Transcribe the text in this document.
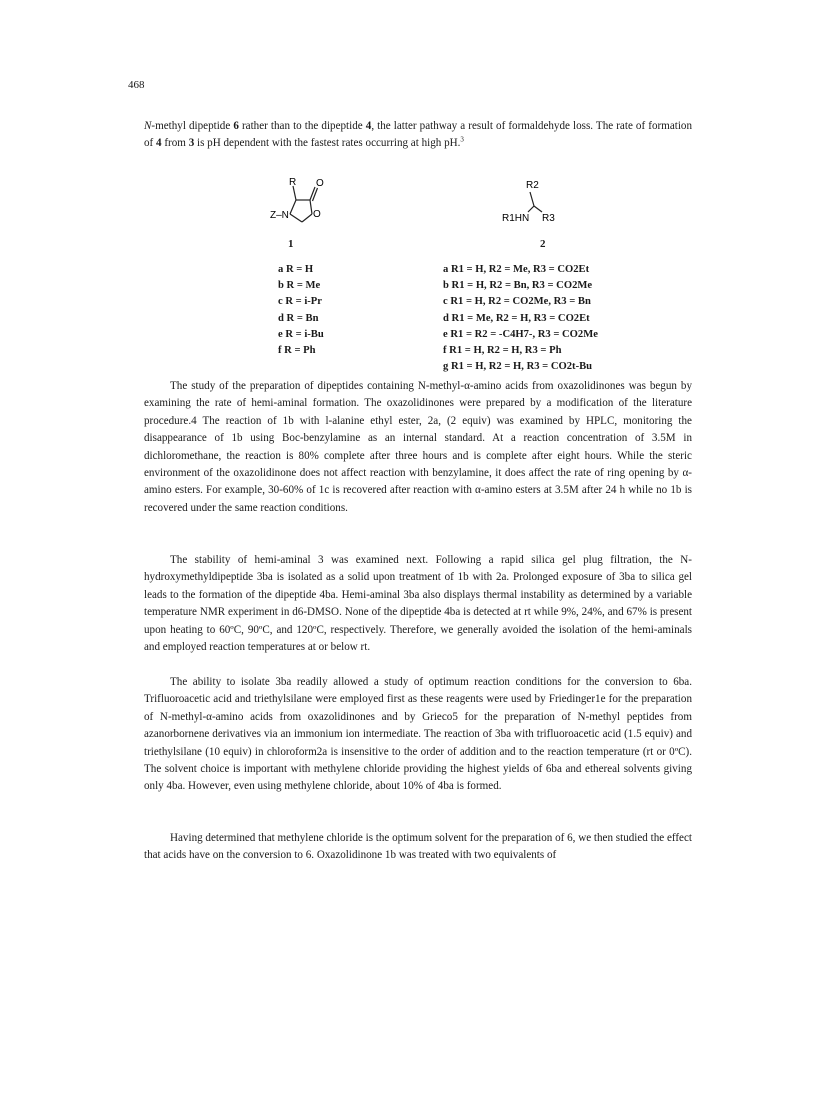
468

N-methyl dipeptide 6 rather than to the dipeptide 4, the latter pathway a result of formaldehyde loss. The rate of formation of 4 from 3 is pH dependent with the fastest rates occurring at high pH.$^3$

R O
Z–N O
1
R2
R1HN R3
2
a R = H
b R = Me
c R = i-Pr
d R = Bn
e R = i-Bu
f R = Ph
a R1 = H, R2 = Me, R3 = CO2Et
b R1 = H, R2 = Bn, R3 = CO2Me
c R1 = H, R2 = CO2Me, R3 = Bn
d R1 = Me, R2 = H, R3 = CO2Et
e R1 = R2 = -C4H7-, R3 = CO2Me
f R1 = H, R2 = H, R3 = Ph
g R1 = H, R2 = H, R3 = CO2t-Bu

The study of the preparation of dipeptides containing N-methyl-α-amino acids from oxazolidinones was begun by examining the rate of hemi-aminal formation. The oxazolidinones were prepared by a modification of the literature procedure.4 The reaction of 1b with l-alanine ethyl ester, 2a, (2 equiv) was examined by HPLC, monitoring the disappearance of 1b using Boc-benzylamine as an internal standard. At a reaction concentration of 3.5M in dichloromethane, the reaction is 80% complete after three hours and is complete after eight hours. While the steric environment of the oxazolidinone does not affect reaction with benzylamine, it does affect the rate of ring opening by α-amino esters. For example, 30-60% of 1c is recovered after reaction with α-amino esters at 3.5M after 24 h while no 1b is recovered under the same reaction conditions.

The stability of hemi-aminal 3 was examined next. Following a rapid silica gel plug filtration, the N-hydroxymethyldipeptide 3ba is isolated as a solid upon treatment of 1b with 2a. Prolonged exposure of 3ba to silica gel leads to the formation of the dipeptide 4ba. Hemi-aminal 3ba also displays thermal instability as determined by a variable temperature NMR experiment in d6-DMSO. None of the dipeptide 4ba is detected at rt while 9%, 24%, and 67% is present upon heating to 60ºC, 90ºC, and 120ºC, respectively. Therefore, we generally avoided the isolation of the hemi-aminals and employed reaction temperatures at or below rt.

The ability to isolate 3ba readily allowed a study of optimum reaction conditions for the conversion to 6ba. Trifluoroacetic acid and triethylsilane were employed first as these reagents were used by Friedinger1e for the preparation of N-methyl-α-amino acids from oxazolidinones and by Grieco5 for the preparation of N-methyl peptides from azanorbornene derivatives via an immonium ion intermediate. The reaction of 3ba with trifluoroacetic acid (1.5 equiv) and triethylsilane (10 equiv) in chloroform2a is insensitive to the order of addition and to the reaction temperature (rt or 0ºC). The solvent choice is important with methylene chloride providing the highest yields of 6ba and ethereal solvents giving only 4ba. However, even using methylene chloride, about 10% of 4ba is formed.

Having determined that methylene chloride is the optimum solvent for the preparation of 6, we then studied the effect that acids have on the conversion to 6. Oxazolidinone 1b was treated with two equivalents of
